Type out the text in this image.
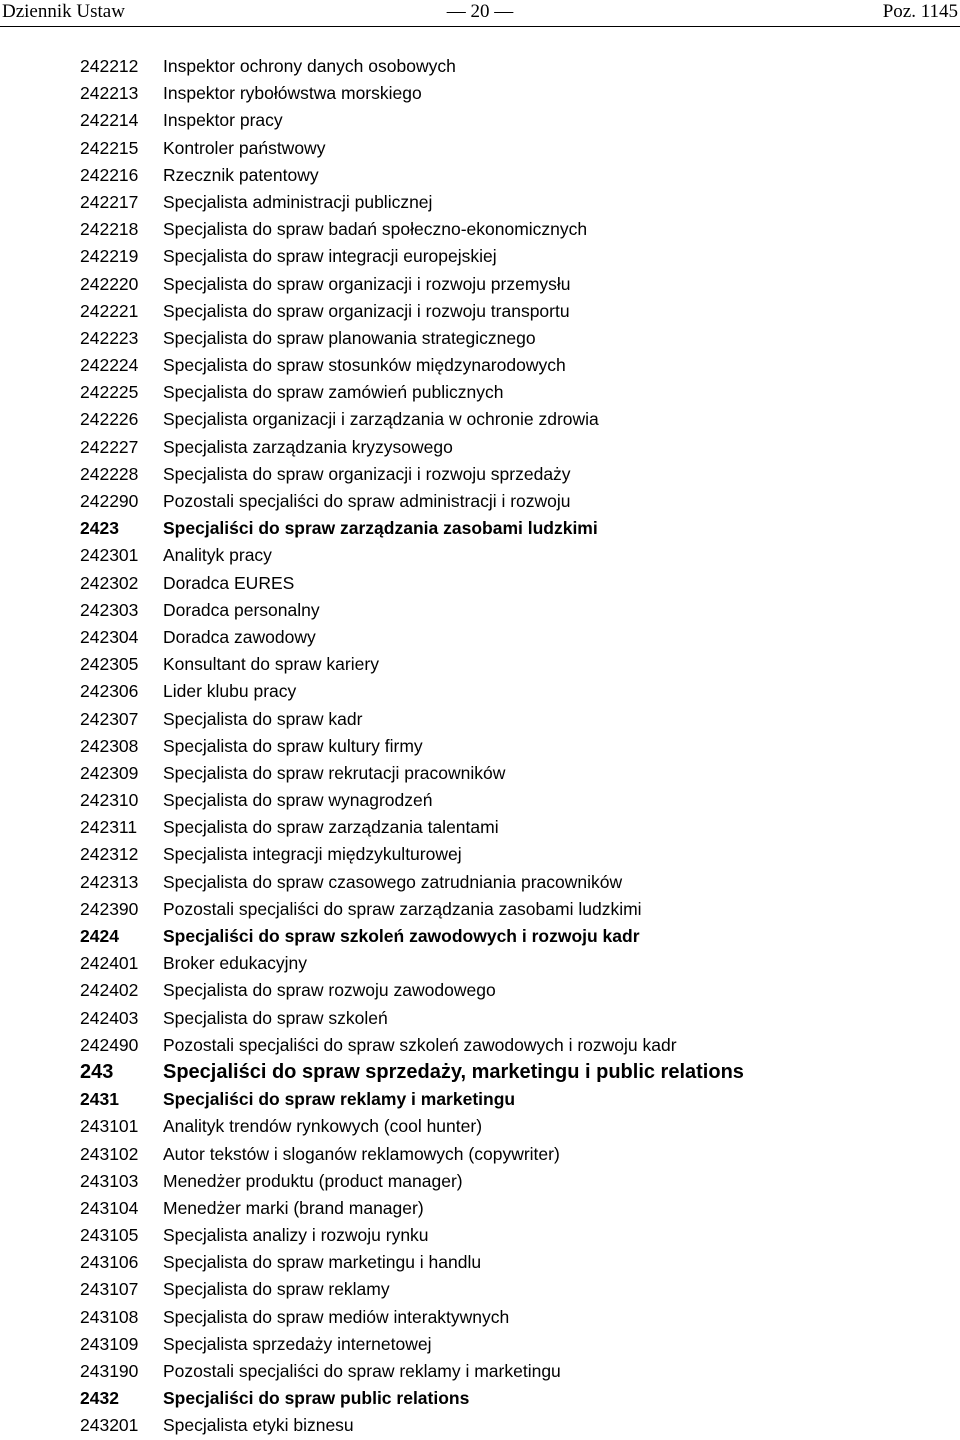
Dziennik Ustaw	— 20 —	Poz. 1145
242212 Inspektor ochrony danych osobowych
242213 Inspektor rybołówstwa morskiego
242214 Inspektor pracy
242215 Kontroler państwowy
242216 Rzecznik patentowy
242217 Specjalista administracji publicznej
242218 Specjalista do spraw badań społeczno-ekonomicznych
242219 Specjalista do spraw integracji europejskiej
242220 Specjalista do spraw organizacji i rozwoju przemysłu
242221 Specjalista do spraw organizacji i rozwoju transportu
242223 Specjalista do spraw planowania strategicznego
242224 Specjalista do spraw stosunków międzynarodowych
242225 Specjalista do spraw zamówień publicznych
242226 Specjalista organizacji i zarządzania w ochronie zdrowia
242227 Specjalista zarządzania kryzysowego
242228 Specjalista do spraw organizacji i rozwoju sprzedaży
242290 Pozostali specjaliści do spraw administracji i rozwoju
2423	Specjaliści do spraw zarządzania zasobami ludzkimi
242301 Analityk pracy
242302 Doradca EURES
242303 Doradca personalny
242304 Doradca zawodowy
242305 Konsultant do spraw kariery
242306 Lider klubu pracy
242307 Specjalista do spraw kadr
242308 Specjalista do spraw kultury firmy
242309 Specjalista do spraw rekrutacji pracowników
242310 Specjalista do spraw wynagrodzeń
242311 Specjalista do spraw zarządzania talentami
242312 Specjalista integracji międzykulturowej
242313 Specjalista do spraw czasowego zatrudniania pracowników
242390 Pozostali specjaliści do spraw zarządzania zasobami ludzkimi
2424	Specjaliści do spraw szkoleń zawodowych i rozwoju kadr
242401 Broker edukacyjny
242402 Specjalista do spraw rozwoju zawodowego
242403 Specjalista do spraw szkoleń
242490 Pozostali specjaliści do spraw szkoleń zawodowych i rozwoju kadr
243 Specjaliści do spraw sprzedaży, marketingu i public relations
2431	Specjaliści do spraw reklamy i marketingu
243101 Analityk trendów rynkowych (cool hunter)
243102 Autor tekstów i sloganów reklamowych (copywriter)
243103 Menedżer produktu (product manager)
243104 Menedżer marki (brand manager)
243105 Specjalista analizy i rozwoju rynku
243106 Specjalista do spraw marketingu i handlu
243107 Specjalista do spraw reklamy
243108 Specjalista do spraw mediów interaktywnych
243109 Specjalista sprzedaży internetowej
243190 Pozostali specjaliści do spraw reklamy i marketingu
2432	Specjaliści do spraw public relations
243201 Specjalista etyki biznesu
